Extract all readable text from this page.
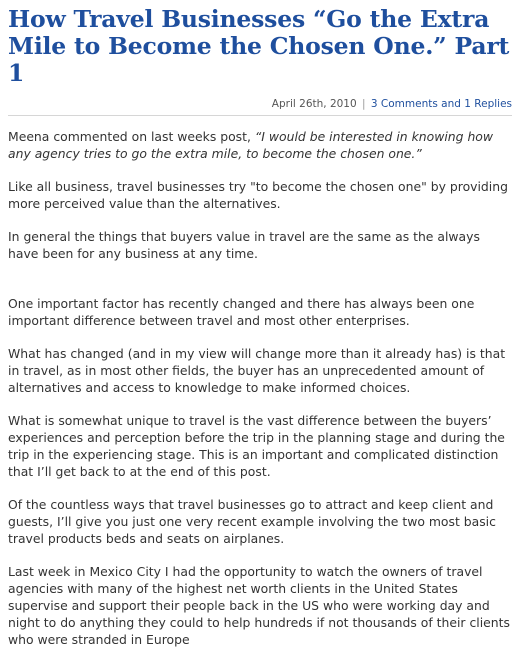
How Travel Businesses “Go the Extra Mile to Become the Chosen One.” Part 1
April 26th, 2010 | 3 Comments and 1 Replies

Meena commented on last weeks post, “I would be interested in knowing how any agency tries to go the extra mile, to become the chosen one.”

Like all business, travel businesses try "to become the chosen one" by providing more perceived value than the alternatives.

In general the things that buyers value in travel are the same as the always have been for any business at any time.

One important factor has recently changed and there has always been one important difference between travel and most other enterprises.

What has changed (and in my view will change more than it already has) is that in travel, as in most other fields, the buyer has an unprecedented amount of alternatives and access to knowledge to make informed choices.

What is somewhat unique to travel is the vast difference between the buyers’ experiences and perception before the trip in the planning stage and during the trip in the experiencing stage. This is an important and complicated distinction that I’ll get back to at the end of this post.

Of the countless ways that travel businesses go to attract and keep client and guests, I’ll give you just one very recent example involving the two most basic travel products beds and seats on airplanes.

Last week in Mexico City I had the opportunity to watch the owners of travel agencies with many of the highest net worth clients in the United States supervise and support their people back in the US who were working day and night to do anything they could to help hundreds if not thousands of their clients who were stranded in Europe
